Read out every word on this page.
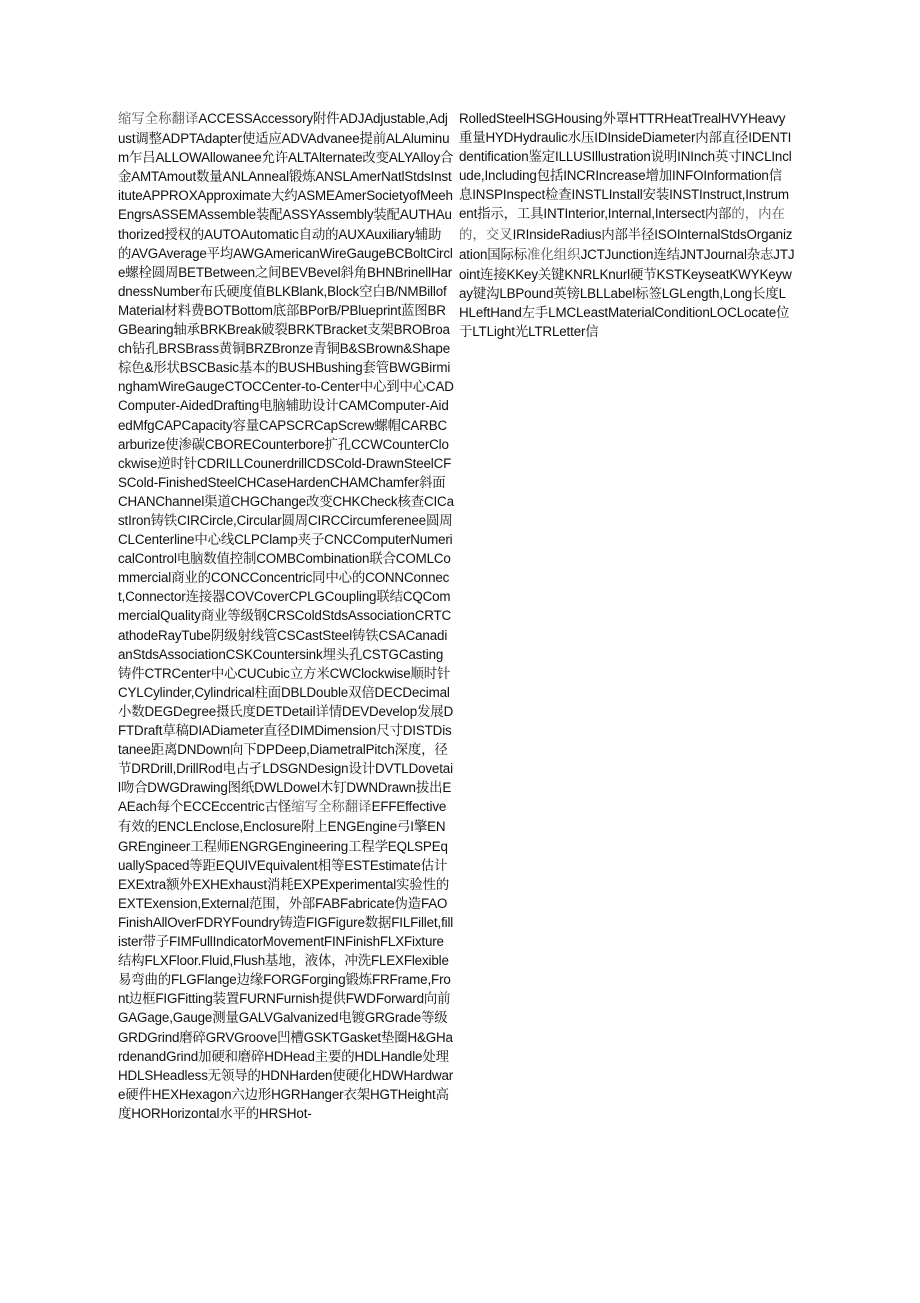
缩写全称翻译ACCESSAccessory附件ADJAdjustable,Adjust调整ADPTAdapter使适应ADVAdvanee提前ALAluminum乍吕ALLOWAllowanee允许ALTAlternate改变ALYAlloy合金AMTAmout数量ANLAnneal锻炼ANSLAmerNatlStdsInstituteAPPROXApproximate大约ASMEAmerSocietyofMeehEngrsASSEMAssemble装配ASSYAssembly装配AUTHAuthorized授权的AUTOAutomatic自动的AUXAuxiliary辅助的AVGAverage平均AWGAmericanWireGaugeBCBoltCircle螺栓圆周BETBetween之间BEVBevel斜角BHNBrinellHardnessNumber布氏硬度值BLKBlank,Block空白B/NMBillofMaterial材料费BOTBottom底部BPorB/PBlueprint蓝图BRGBearing轴承BRKBreak破裂BRKTBracket支架BROBroach钻孔BRSBrass黄铜BRZBronze青铜B&SBrown&Shape棕色&形状BSCBasic基本的BUSHBushing套管BWGBirminghamWireGaugeCTOCCenter-to-Center中心到中心CADComputer-AidedDrafting电脑辅助设计CAMComputer-AidedMfgCAPCapacity容量CAPSCRCapScrew螺帽CARBCarburize使渗碳CBORECounterbore扩孔CCWCounterClockwise逆时针CDRILLCounerdrillCDSCold-DrawnSteelCFSCold-FinishedSteelCHCaseHardenCHAMChamfer斜面CHANChannel渠道CHGChange改变CHKCheck核查CICastIron铸铁CIRCircle,Circular圆周CIRCCircumferenee圆周CLCenterline中心线CLPClamp夹子CNCComputerNumericalControl电脑数值控制COMBCombination联合COMLCommercial商业的CONCConcentric同中心的CONNConnect,Connector连接器COVCoverCPLGCoupling联结CQCommercialQuality商业等级钢CRSColdStdsAssociationCRTCathodeRayTube阴级射线管CSCastSteel铸铁CSACanadianStdsAssociationCSKCountersink埋头孔CSTGCasting铸件CTRCenter中心CUCubic立方米CWClockwise顺时针CYLCylinder,Cylindrical柱面DBLDouble双倍DECDecimal小数DEGDegree摄氏度DETDetail详情DEVDevelop发展DFTDraft草稿DIADiameter直径DIMDimension尺寸DISTDistanee距离DNDown向下DPDeep,DiametralPitch深度，径节DRDrill,DrillRod电占孑LDSGNDesign设计DVTLDovetail吻合DWGDrawing图纸DWLDowel木钉DWNDrawn拔出EAEach每个ECCEccentric古怪缩写全称翻译EFFEffective有效的ENCLEnclose,Enclosure附上ENGEngine弓I擎ENGREngineer工程师ENGRGEngineering工程学EQLSPEquallySpaced等距EQUIVEquivalent相等ESTEstimate估计EXExtra额外EXHExhaust消耗EXPExperimental实验性的EXTExension,External范围，外部FABFabricate伪造FAOFinishAllOverFDRYFoundry铸造FIGFigure数据FILFillet,fillister带子FIMFullIndicatorMovementFINFinishFLXFixture结构FLXFloor.Fluid,Flush基地，液体，冲洗FLEXFlexible易弯曲的FLGFlange边缘FORGForging锻炼FRFrame,Front边框FIGFitting装置FURNFurnish提供FWDForward向前GAGage,Gauge测量GALVGalvanized电镀GRGrade等级GRDGrind磨碎GRVGroove凹槽GSKTGasket垫圈H&GHardenandGrind加硬和磨碎HDHead主要的HDLHandle处理HDLSHeadless无领导的HDNHarden使硬化HDWHardware硬件HEXHexagon六边形HGRHanger衣架HGTHeight高度HORHorizontal水平的HRSHot-

RolledSteelHSGHousing外罩HTTRHeatTrealHVYHeavy重量HYDHydraulic水压IDInsideDiameter内部直径IDENTIdentification鉴定ILLUSIllustration说明INInch英寸INCLInclude,Including包括INCRIncrease增加INFOInformation信息INSPInspect检查INSTLInstall安装INSTInstruct,Instrument指示，工具INTInterior,Internal,Intersect内部的，内在的，交叉IRInsideRadius内部半径ISOInternalStdsOrganization国际标准化组织JCTJunction连结JNTJournal杂志JTJoint连接KKey关键KNRLKnurl硬节KSTKeyseatKWYKeyway键沟LBPound英镑LBLLabel标签LGLength,Long长度LHLeftHand左手LMCLeastMaterialConditionLOCLocate位于LTLight光LTRLetter信
